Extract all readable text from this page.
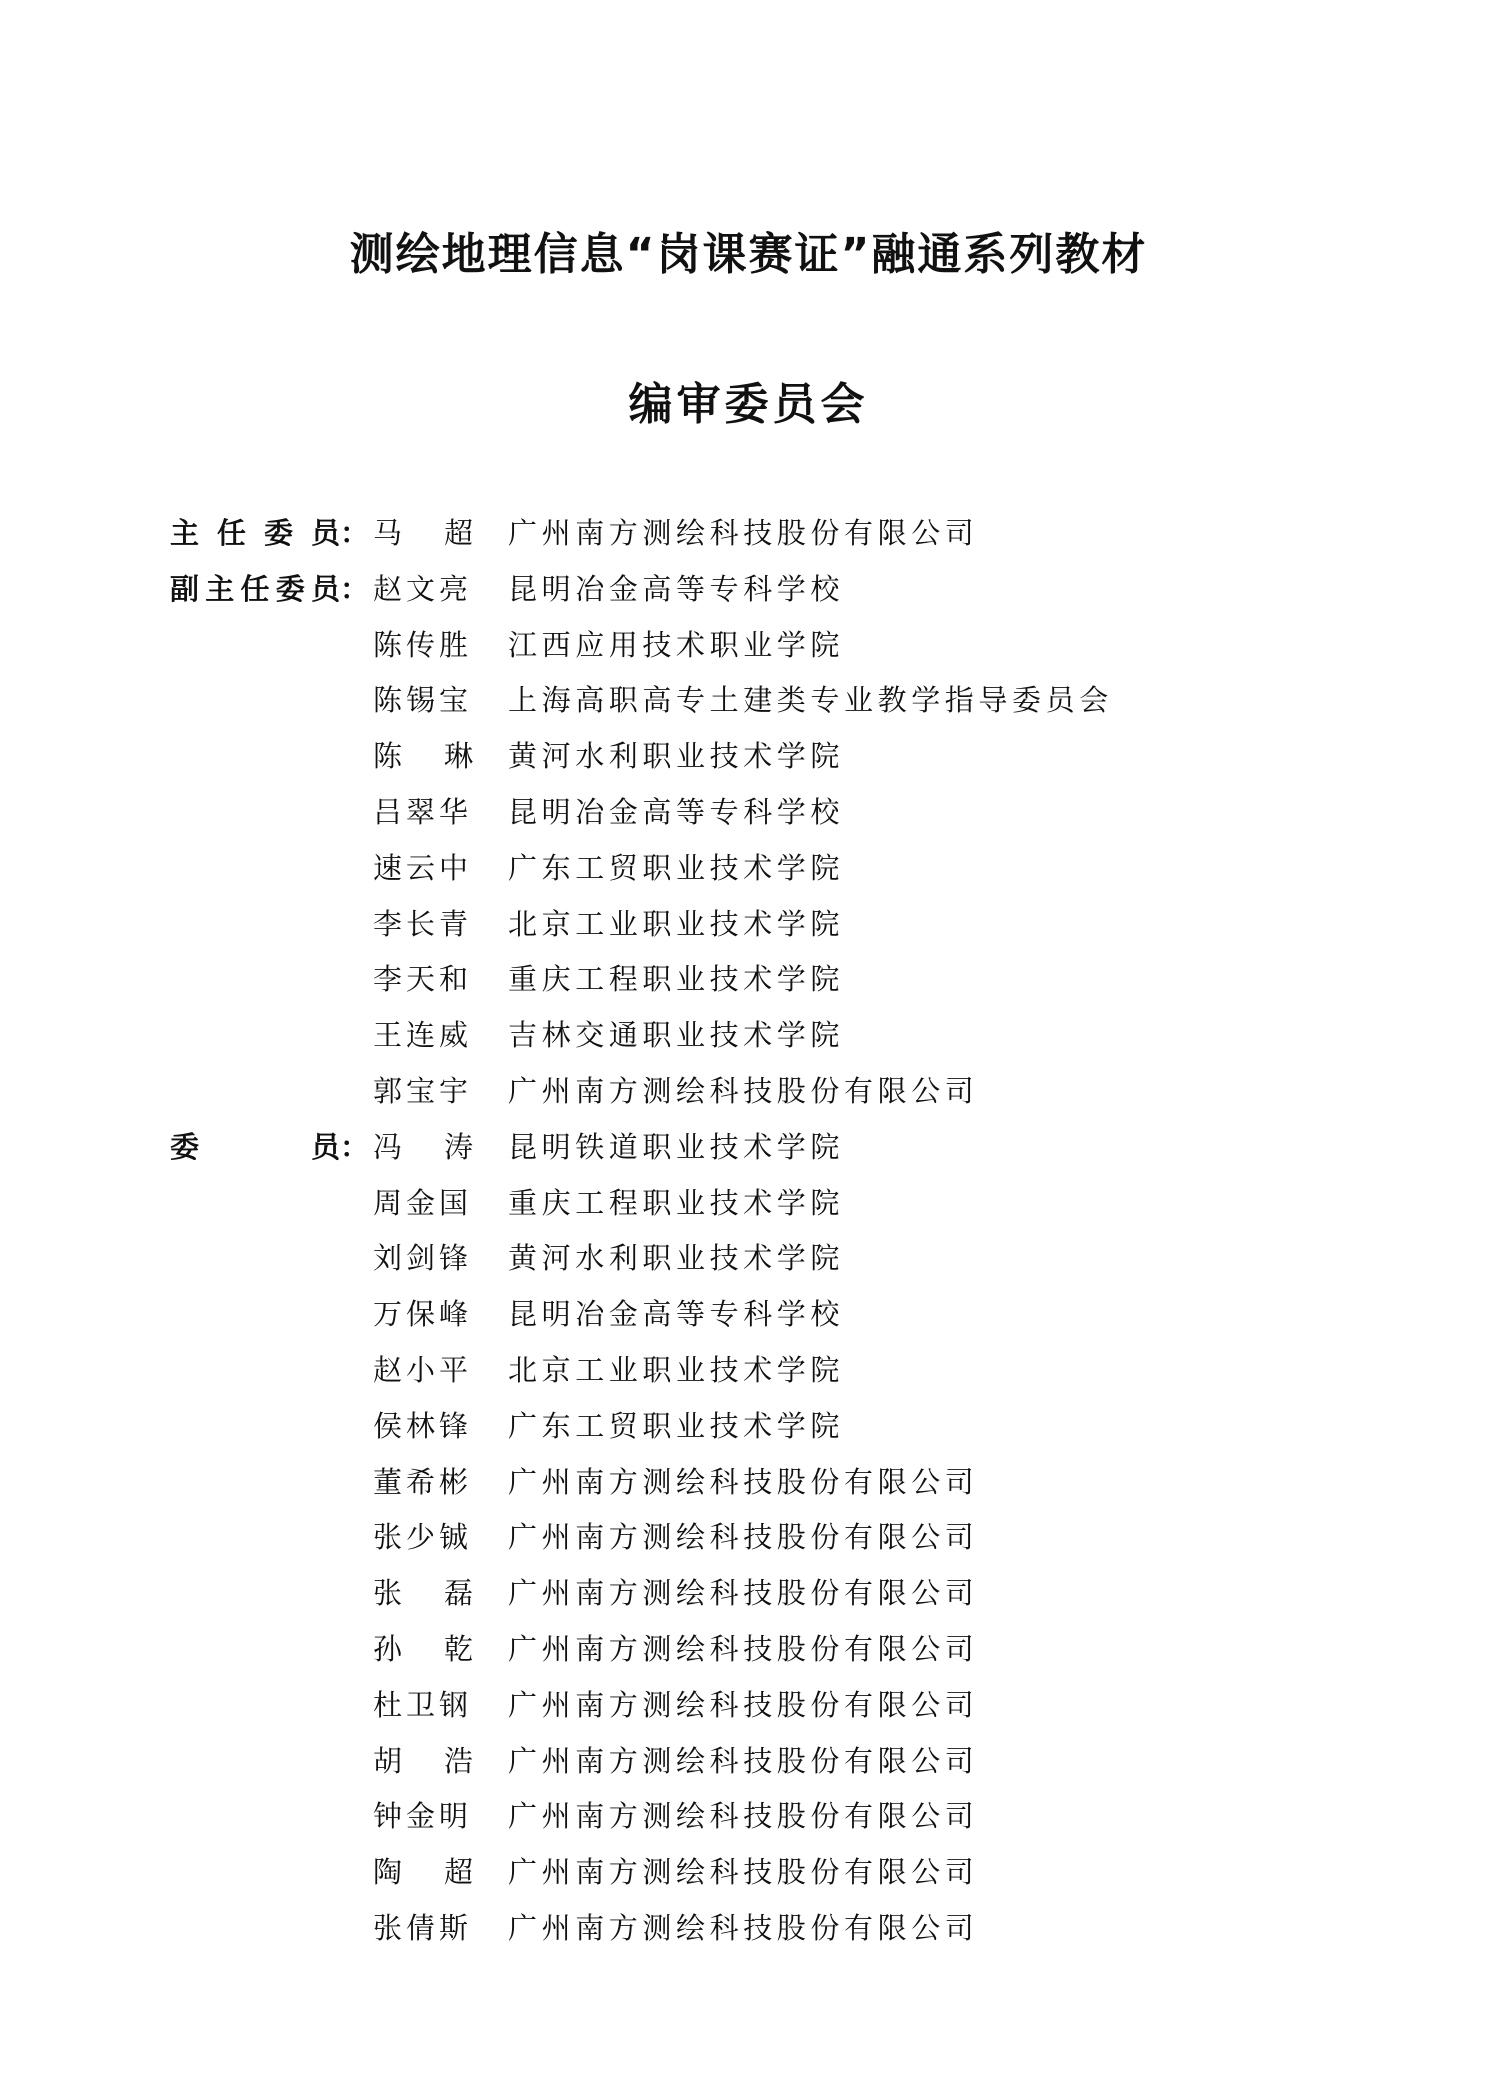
测绘地理信息“岗课赛证”融通系列教材
编审委员会
主 任 委 员 ： 马 超 广州南方测绘科技股份有限公司
副 主 任 委 员 ： 赵文亮 昆明冶金高等专科学校
陈传胜 江西应用技术职业学院
陈锡宝 上海高职高专土建类专业教学指导委员会
陈 琳 黄河水利职业技术学院
吕翠华 昆明冶金高等专科学校
速云中 广东工贸职业技术学院
李长青 北京工业职业技术学院
李天和 重庆工程职业技术学院
王连威 吉林交通职业技术学院
郭宝宇 广州南方测绘科技股份有限公司
委	员 ： 冯 涛 昆明铁道职业技术学院
周金国 重庆工程职业技术学院
刘剑锋 黄河水利职业技术学院
万保峰 昆明冶金高等专科学校
赵小平 北京工业职业技术学院
侯林锋 广东工贸职业技术学院
董希彬 广州南方测绘科技股份有限公司
张少铖 广州南方测绘科技股份有限公司
张 磊 广州南方测绘科技股份有限公司
孙 乾 广州南方测绘科技股份有限公司
杜卫钢 广州南方测绘科技股份有限公司
胡 浩 广州南方测绘科技股份有限公司
钟金明 广州南方测绘科技股份有限公司
陶 超 广州南方测绘科技股份有限公司
张倩斯 广州南方测绘科技股份有限公司
